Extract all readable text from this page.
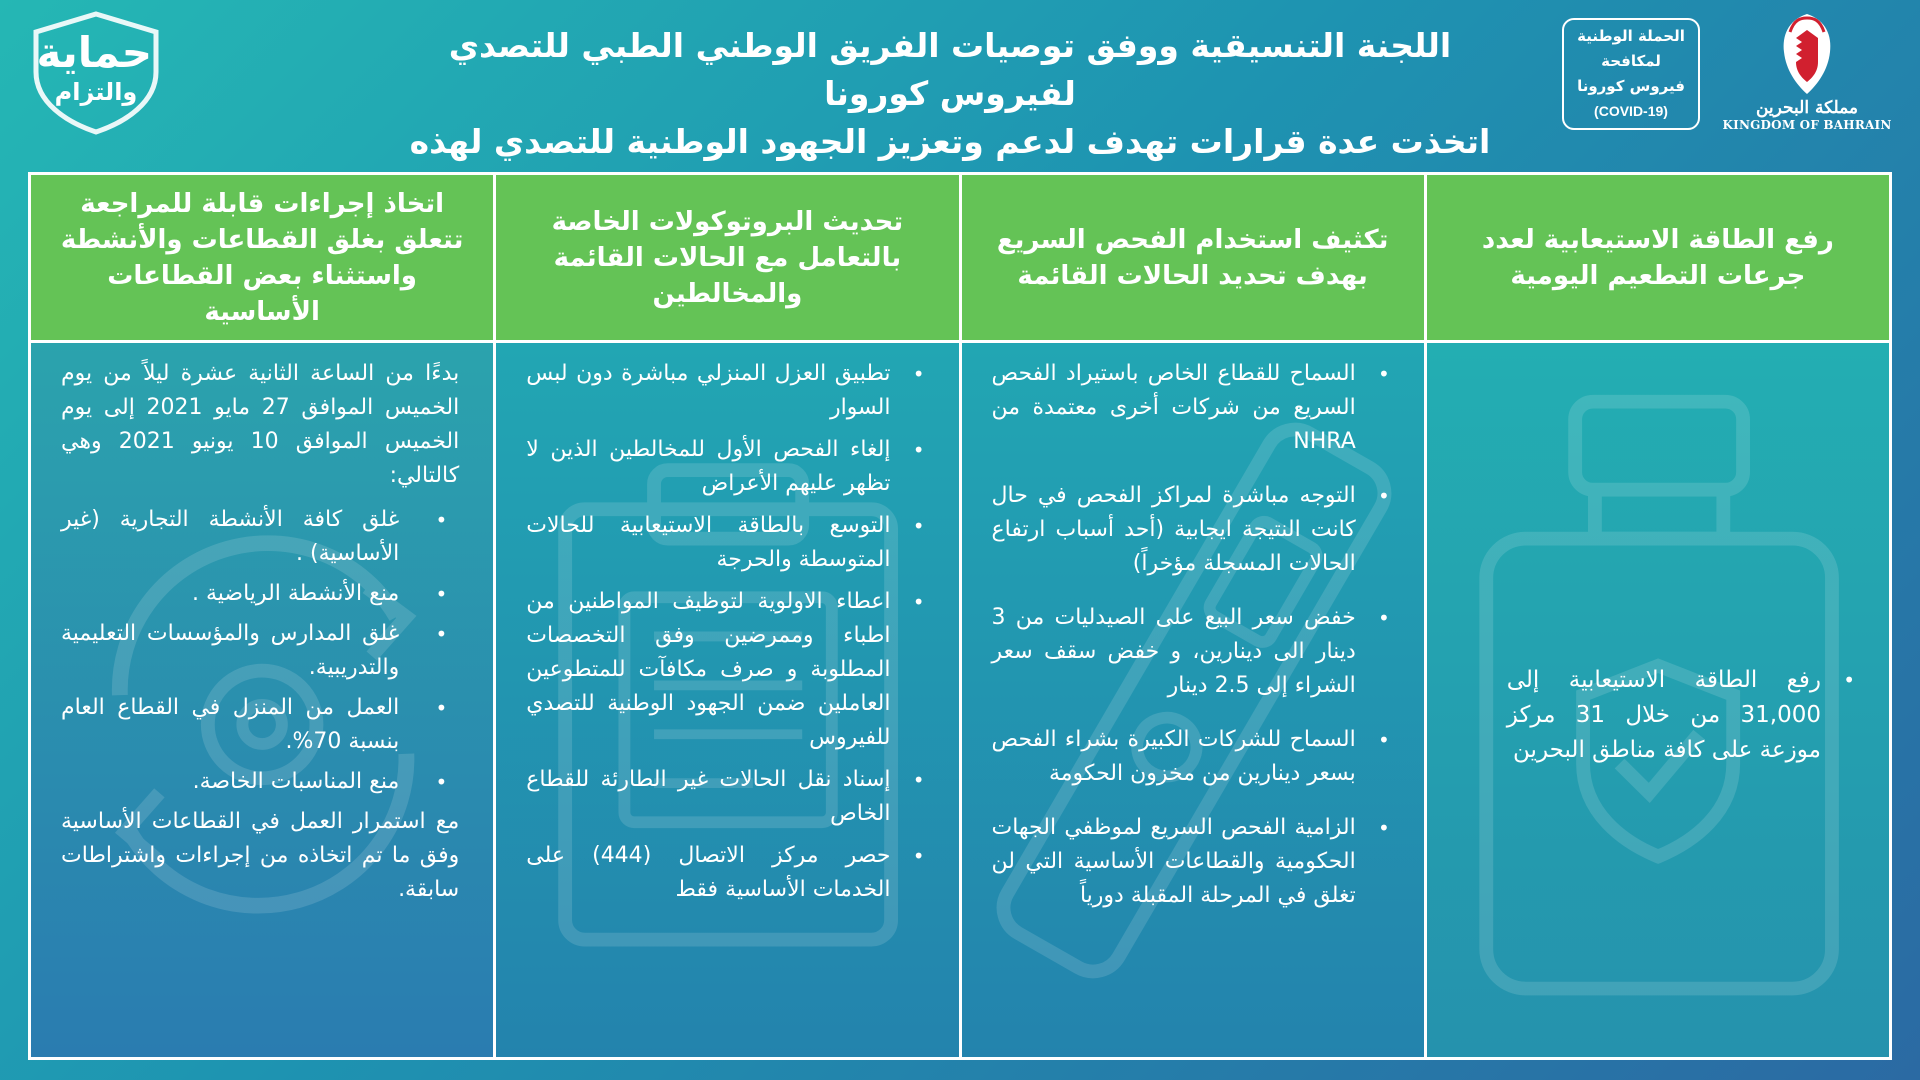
مملكة البحرين
KINGDOM OF BAHRAIN
الحملة الوطنية
لمكافحة
فيروس كورونا
(COVID-19)
اللجنة التنسيقية ووفق توصيات الفريق الوطني الطبي للتصدي لفيروس كورونا
اتخذت عدة قرارات تهدف لدعم وتعزيز الجهود الوطنية للتصدي لهذه
حماية
والتزام
رفع الطاقة الاستيعابية لعدد جرعات التطعيم اليومية
تكثيف استخدام الفحص السريع بهدف تحديد الحالات القائمة
تحديث البروتوكولات الخاصة بالتعامل مع الحالات القائمة والمخالطين
اتخاذ إجراءات قابلة للمراجعة تتعلق بغلق القطاعات والأنشطة واستثناء بعض القطاعات الأساسية
• رفع الطاقة الاستيعابية إلى 31,000 من خلال 31 مركز موزعة على كافة مناطق البحرين
• السماح للقطاع الخاص باستيراد الفحص السريع من شركات أخرى معتمدة من NHRA
• التوجه مباشرة لمراكز الفحص في حال كانت النتيجة ايجابية (أحد أسباب ارتفاع الحالات المسجلة مؤخراً)
• خفض سعر البيع على الصيدليات من 3 دينار الى دينارين، و خفض سقف سعر الشراء إلى 2.5 دينار
• السماح للشركات الكبيرة بشراء الفحص بسعر دينارين من مخزون الحكومة
• الزامية الفحص السريع لموظفي الجهات الحكومية والقطاعات الأساسية التي لن تغلق في المرحلة المقبلة دورياً
• تطبيق العزل المنزلي مباشرة دون لبس السوار
• إلغاء الفحص الأول للمخالطين الذين لا تظهر عليهم الأعراض
• التوسع بالطاقة الاستيعابية للحالات المتوسطة والحرجة
• اعطاء الاولوية لتوظيف المواطنين من اطباء وممرضين وفق التخصصات المطلوبة و صرف مكافآت للمتطوعين العاملين ضمن الجهود الوطنية للتصدي للفيروس
• إسناد نقل الحالات غير الطارئة للقطاع الخاص
• حصر مركز الاتصال (444) على الخدمات الأساسية فقط
بدءًا من الساعة الثانية عشرة ليلاً من يوم الخميس الموافق 27 مايو 2021 إلى يوم الخميس الموافق 10 يونيو 2021 وهي كالتالي:
• غلق كافة الأنشطة التجارية (غير الأساسية) .
• منع الأنشطة الرياضية .
• غلق المدارس والمؤسسات التعليمية والتدريبية.
• العمل من المنزل في القطاع العام بنسبة 70%.
• منع المناسبات الخاصة.
مع استمرار العمل في القطاعات الأساسية وفق ما تم اتخاذه من إجراءات واشتراطات سابقة.
